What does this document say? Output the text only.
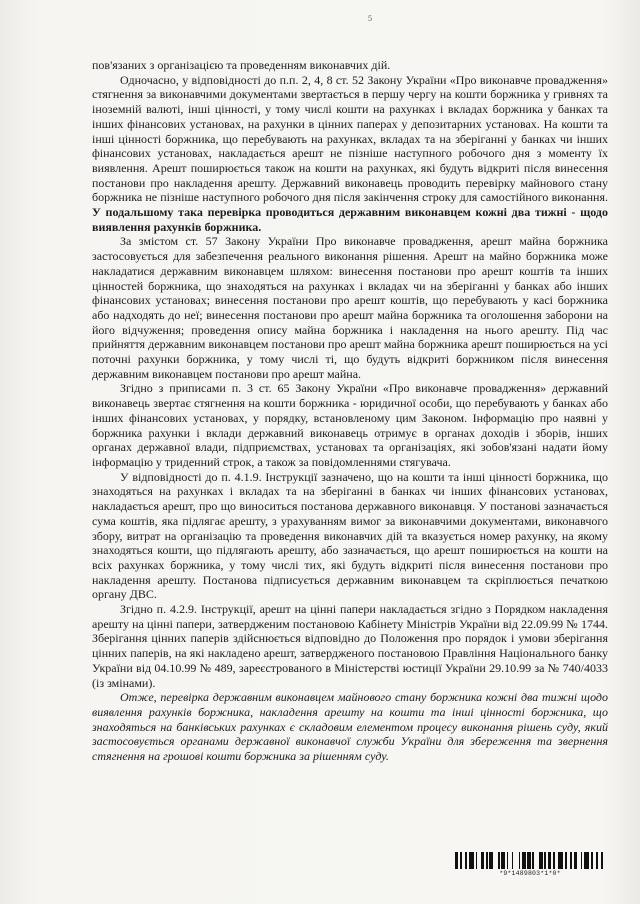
5

пов'язаних з організацією та проведенням виконавчих дій.

Одночасно, у відповідності до п.п. 2, 4, 8 ст. 52 Закону України «Про виконавче провадження» стягнення за виконавчими документами звертається в першу чергу на кошти боржника у гривнях та іноземній валюті, інші цінності, у тому числі кошти на рахунках і вкладах боржника у банках та інших фінансових установах, на рахунки в цінних паперах у депозитарних установах. На кошти та інші цінності боржника, що перебувають на рахунках, вкладах та на зберіганні у банках чи інших фінансових установах, накладається арешт не пізніше наступного робочого дня з моменту їх виявлення. Арешт поширюється також на кошти на рахунках, які будуть відкриті після винесення постанови про накладення арешту. Державний виконавець проводить перевірку майнового стану боржника не пізніше наступного робочого дня після закінчення строку для самостійного виконання. У подальшому така перевірка проводиться державним виконавцем кожні два тижні - щодо виявлення рахунків боржника.

За змістом ст. 57 Закону України Про виконавче провадження, арешт майна боржника застосовується для забезпечення реального виконання рішення. Арешт на майно боржника може накладатися державним виконавцем шляхом: винесення постанови про арешт коштів та інших цінностей боржника, що знаходяться на рахунках і вкладах чи на зберіганні у банках або інших фінансових установах; винесення постанови про арешт коштів, що перебувають у касі боржника або надходять до неї; винесення постанови про арешт майна боржника та оголошення заборони на його відчуження; проведення опису майна боржника і накладення на нього арешту. Під час прийняття державним виконавцем постанови про арешт майна боржника арешт поширюється на усі поточні рахунки боржника, у тому числі ті, що будуть відкриті боржником після винесення державним виконавцем постанови про арешт майна.

Згідно з приписами п. 3 ст. 65 Закону України «Про виконавче провадження» державний виконавець звертає стягнення на кошти боржника - юридичної особи, що перебувають у банках або інших фінансових установах, у порядку, встановленому цим Законом. Інформацію про наявні у боржника рахунки і вклади державний виконавець отримує в органах доходів і зборів, інших органах державної влади, підприємствах, установах та організаціях, які зобов'язані надати йому інформацію у триденний строк, а також за повідомленнями стягувача.

У відповідності до п. 4.1.9. Інструкції зазначено, що на кошти та інші цінності боржника, що знаходяться на рахунках і вкладах та на зберіганні в банках чи інших фінансових установах, накладається арешт, про що виноситься постанова державного виконавця. У постанові зазначається сума коштів, яка підлягає арешту, з урахуванням вимог за виконавчими документами, виконавчого збору, витрат на організацію та проведення виконавчих дій та вказується номер рахунку, на якому знаходяться кошти, що підлягають арешту, або зазначається, що арешт поширюється на кошти на всіх рахунках боржника, у тому числі тих, які будуть відкриті після винесення постанови про накладення арешту. Постанова підписується державним виконавцем та скріплюється печаткою органу ДВС.

Згідно п. 4.2.9. Інструкції, арешт на цінні папери накладається згідно з Порядком накладення арешту на цінні папери, затвердженим постановою Кабінету Міністрів України від 22.09.99 № 1744. Зберігання цінних паперів здійснюється відповідно до Положення про порядок і умови зберігання цінних паперів, на які накладено арешт, затвердженого постановою Правління Національного банку України від 04.10.99 № 489, зареєстрованого в Міністерстві юстиції України 29.10.99 за № 740/4033 (із змінами).

Отже, перевірка державним виконавцем майнового стану боржника кожні два тижні щодо виявлення рахунків боржника, накладення арешту на кошти та інші цінності боржника, що знаходяться на банківських рахунках є складовим елементом процесу виконання рішень суду, який застосовується органами державної виконавчої служби України для збереження та звернення стягнення на грошові кошти боржника за рішенням суду.

*9*1489803*1*0*
